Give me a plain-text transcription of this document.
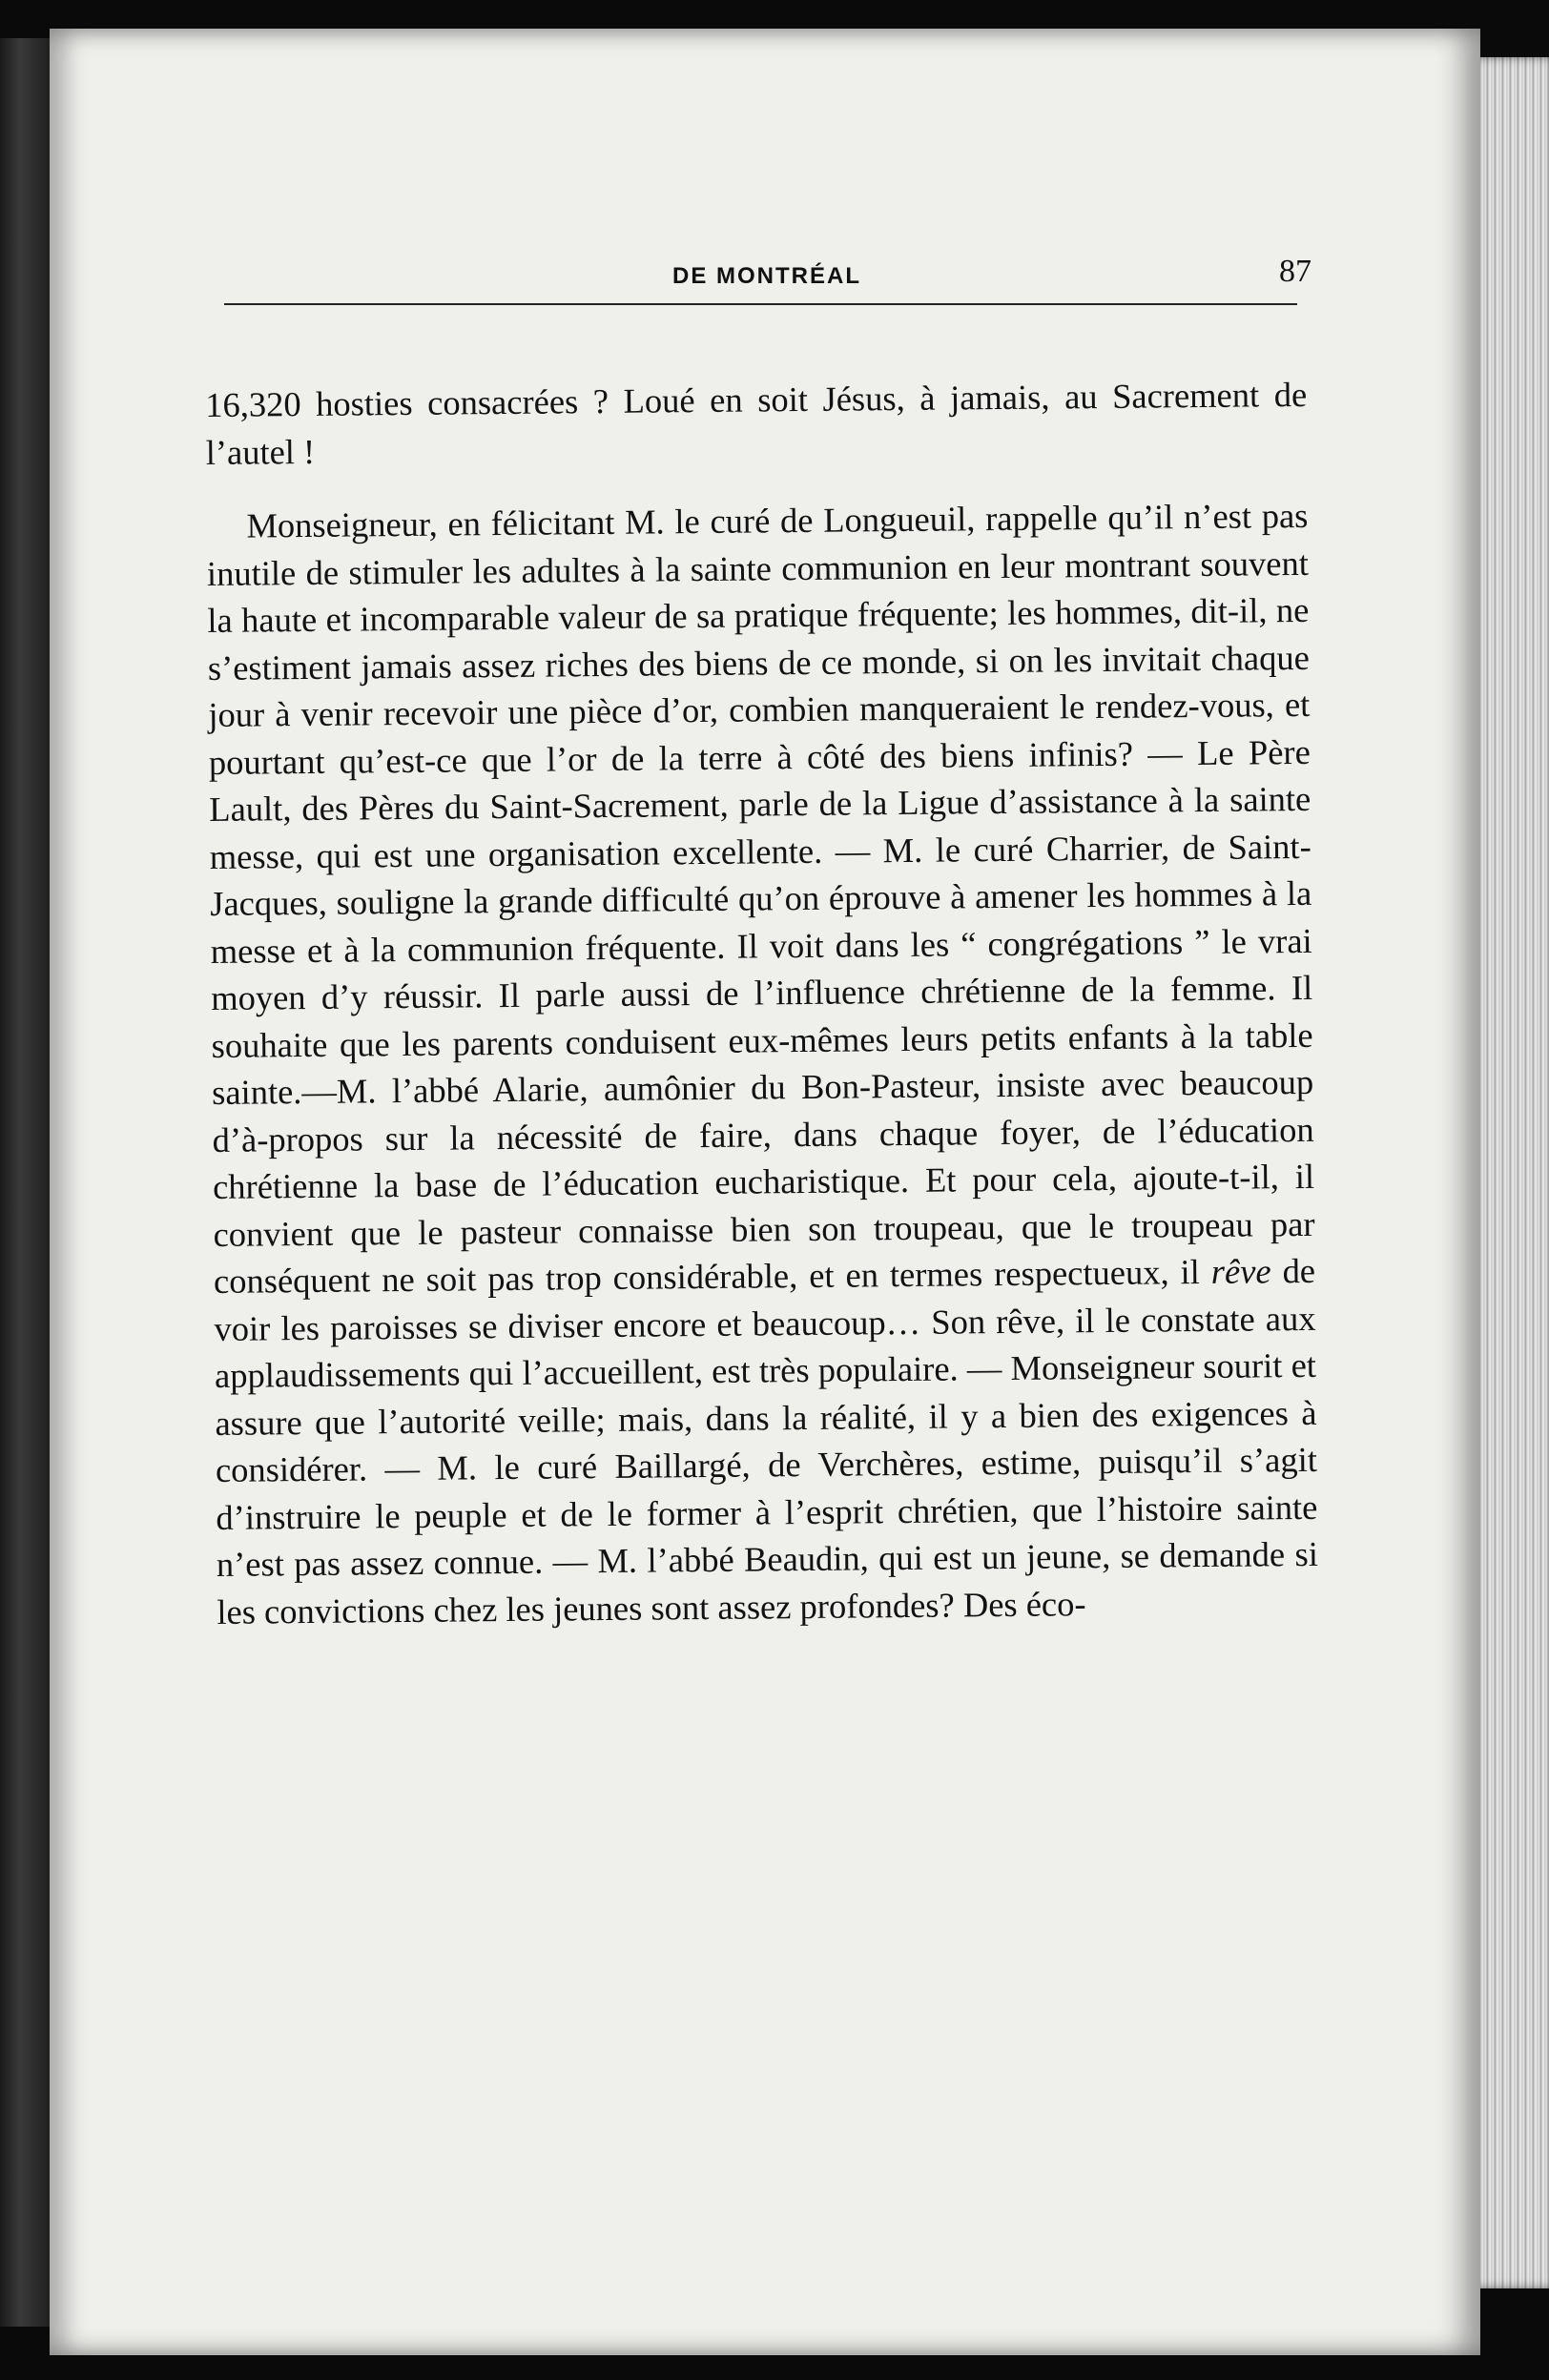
DE MONTRÉAL	87

16,320 hosties consacrées ? Loué en soit Jésus, à jamais, au Sacrement de l’autel !

Monseigneur, en félicitant M. le curé de Longueuil, rappelle qu’il n’est pas inutile de stimuler les adultes à la sainte communion en leur montrant souvent la haute et incomparable valeur de sa pratique fréquente; les hommes, dit-il, ne s’estiment jamais assez riches des biens de ce monde, si on les invitait chaque jour à venir recevoir une pièce d’or, combien manqueraient le rendez-vous, et pourtant qu’est-ce que l’or de la terre à côté des biens infinis? — Le Père Lault, des Pères du Saint-Sacrement, parle de la Ligue d’assistance à la sainte messe, qui est une organisation excellente. — M. le curé Charrier, de Saint-Jacques, souligne la grande difficulté qu’on éprouve à amener les hommes à la messe et à la communion fréquente. Il voit dans les “ congrégations ” le vrai moyen d’y réussir. Il parle aussi de l’influence chrétienne de la femme. Il souhaite que les parents conduisent eux-mêmes leurs petits enfants à la table sainte.—M. l’abbé Alarie, aumônier du Bon-Pasteur, insiste avec beaucoup d’à-propos sur la nécessité de faire, dans chaque foyer, de l’éducation chrétienne la base de l’éducation eucharistique. Et pour cela, ajoute-t-il, il convient que le pasteur connaisse bien son troupeau, que le troupeau par conséquent ne soit pas trop considérable, et en termes respectueux, il rêve de voir les paroisses se diviser encore et beaucoup… Son rêve, il le constate aux applaudissements qui l’accueillent, est très populaire. — Monseigneur sourit et assure que l’autorité veille; mais, dans la réalité, il y a bien des exigences à considérer. — M. le curé Baillargé, de Verchères, estime, puisqu’il s’agit d’instruire le peuple et de le former à l’esprit chrétien, que l’histoire sainte n’est pas assez connue. — M. l’abbé Beaudin, qui est un jeune, se demande si les convictions chez les jeunes sont assez profondes? Des éco-
